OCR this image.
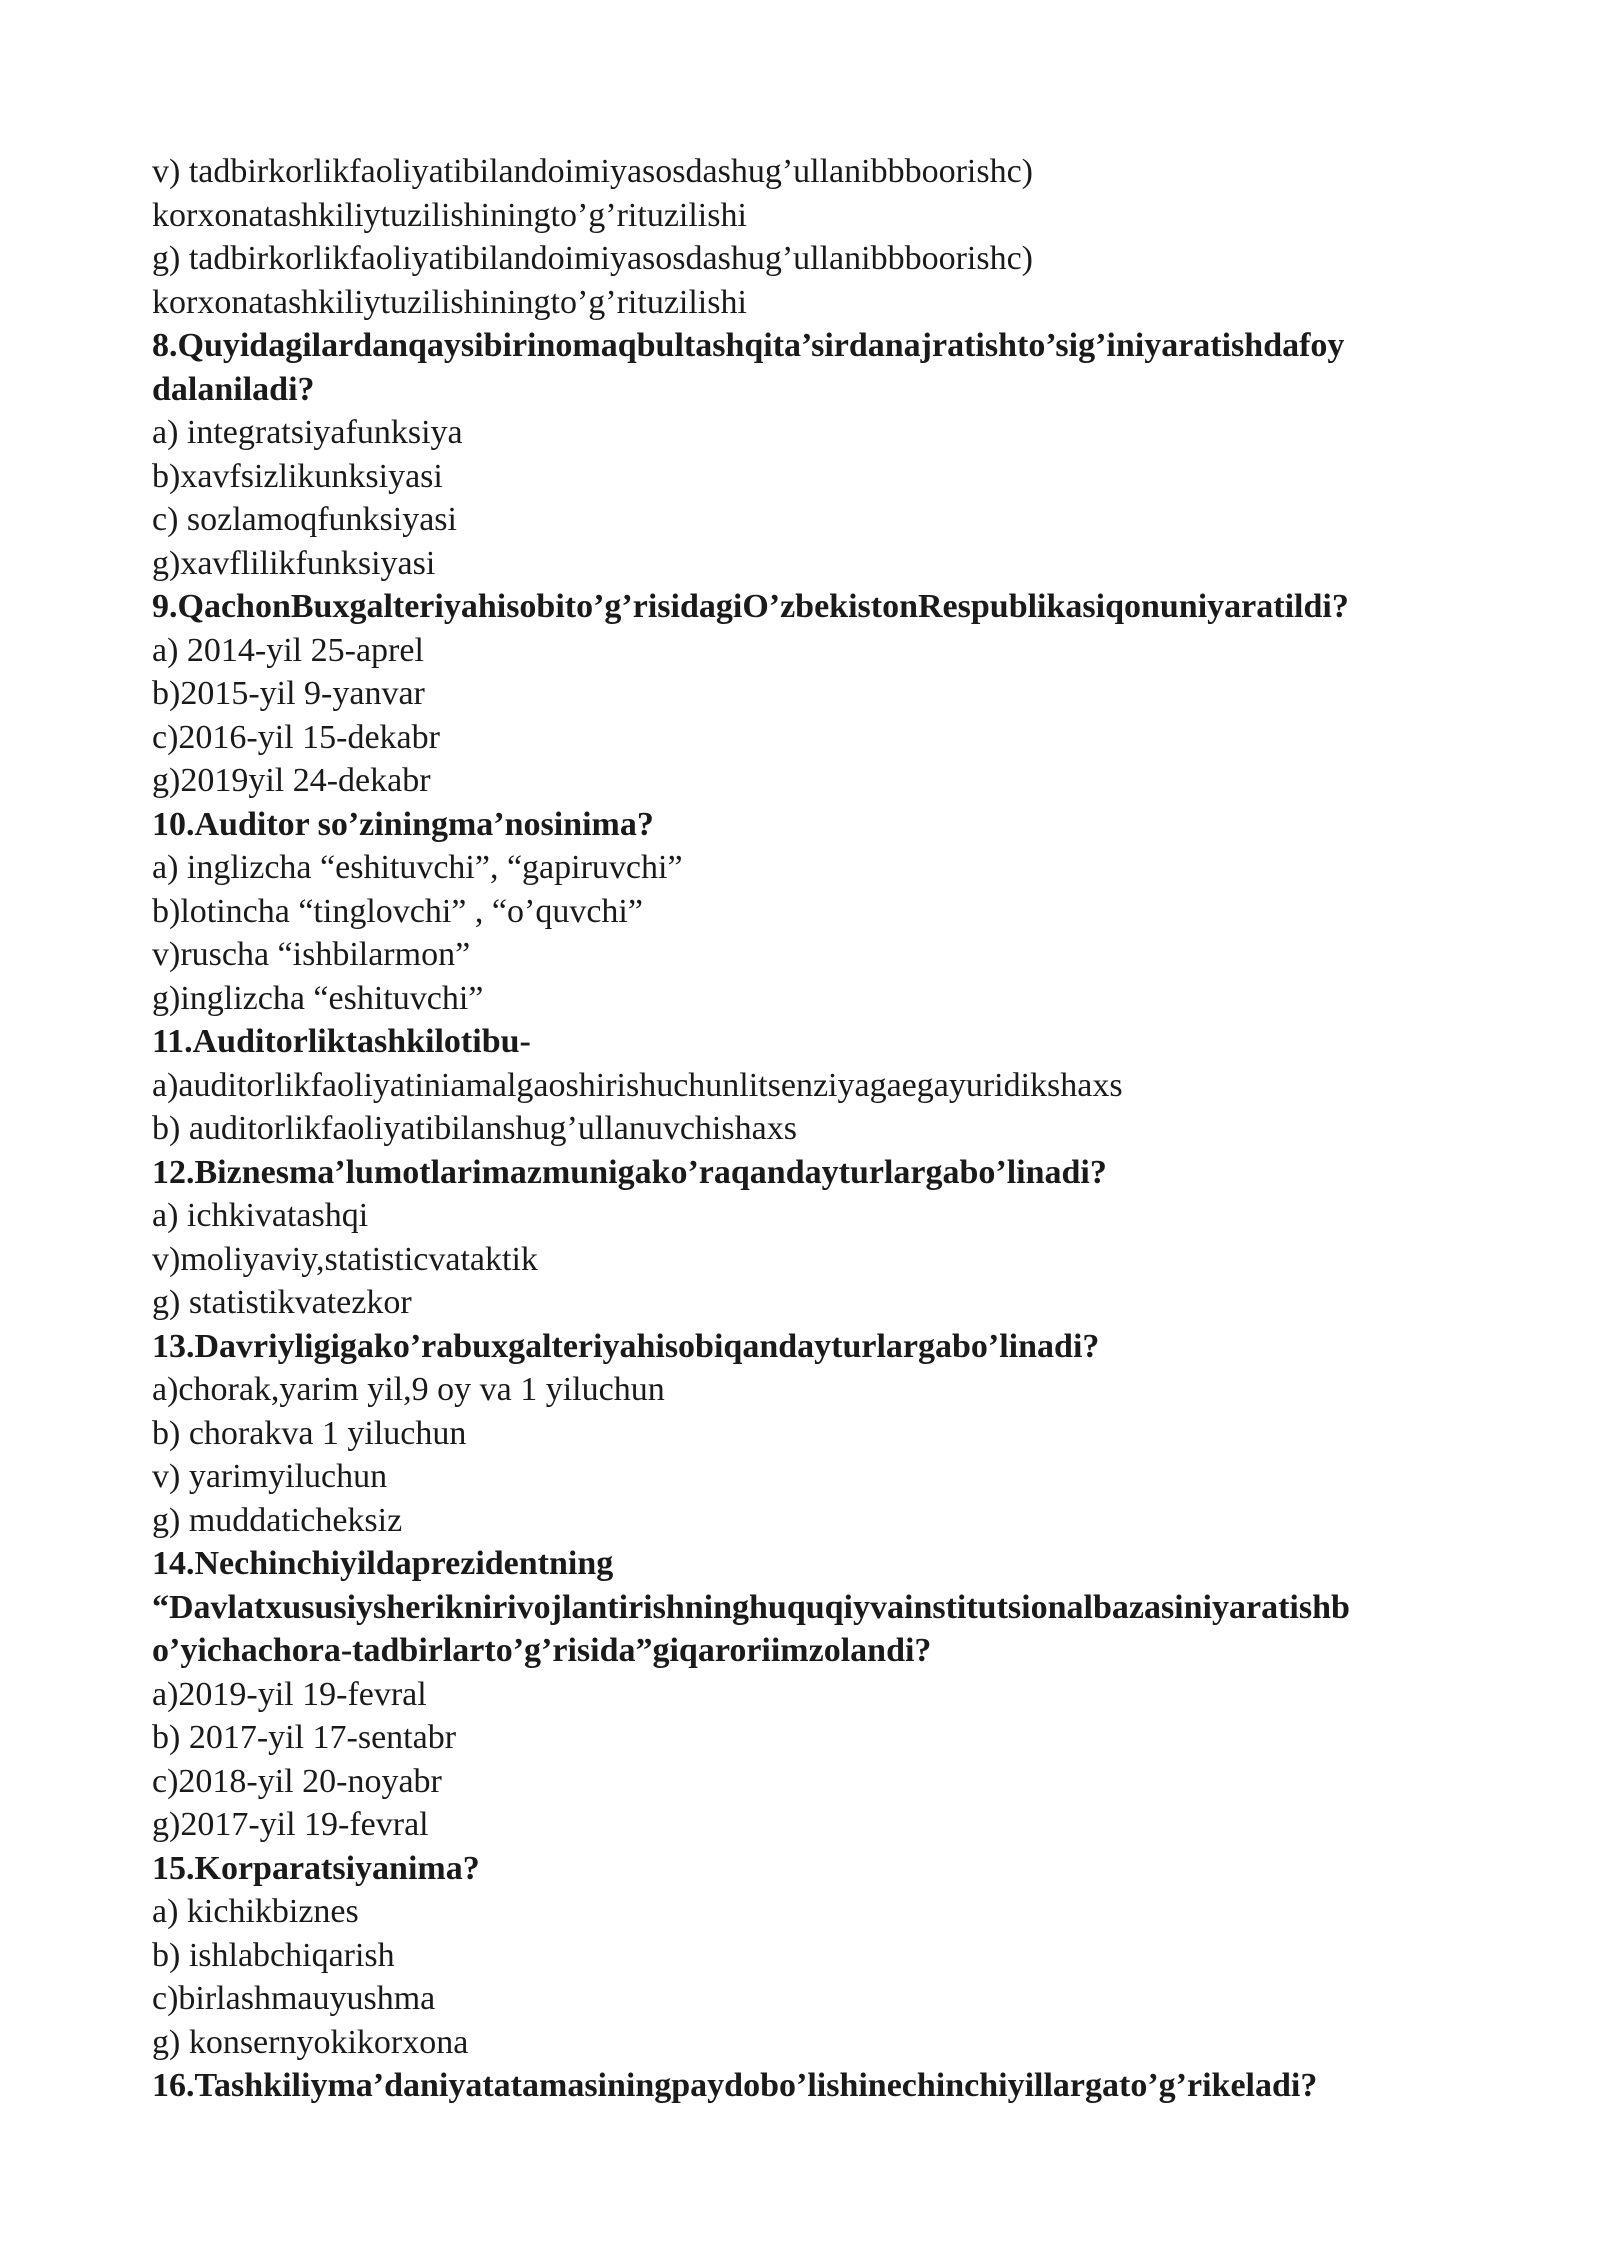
v) tadbirkorlikfaoliyatibilandoimiyasosdashug’ullanibbboorishc)
korxonatashkiliytuzilishiningto’g’rituzilishi
g) tadbirkorlikfaoliyatibilandoimiyasosdashug’ullanibbboorishc)
korxonatashkiliytuzilishiningto’g’rituzilishi
8.Quyidagilardanqaysibirinomaqbultashqita’sirdanajratishto’sig’iniyaratishdafoy
dalaniladi?
a) integratsiyafunksiya
b)xavfsizlikunksiyasi
c) sozlamoqfunksiyasi
g)xavflilikfunksiyasi
9.QachonBuxgalteriyahisobito’g’risidagiO’zbekistonRespublikasiqonuniyaratildi?
a) 2014-yil 25-aprel
b)2015-yil 9-yanvar
c)2016-yil 15-dekabr
g)2019yil 24-dekabr
10.Auditor so’ziningma’nosinima?
a) inglizcha “eshituvchi”, “gapiruvchi”
b)lotincha “tinglovchi” , “o’quvchi”
v)ruscha “ishbilarmon”
g)inglizcha “eshituvchi”
11.Auditorliktashkilotibu-
a)auditorlikfaoliyatiniamalgaoshirishuchunlitsenziyagaegayuridikshaxs
b) auditorlikfaoliyatibilanshug’ullanuvchishaxs
12.Biznesma’lumotlarimazmunigako’raqandayturlargabo’linadi?
a) ichkivatashqi
v)moliyaviy,statisticvataktik
g) statistikvatezkor
13.Davriyligigako’rabuxgalteriyahisobiqandayturlargabo’linadi?
a)chorak,yarim yil,9 oy va 1 yiluchun
b) chorakva 1 yiluchun
v) yarimyiluchun
g) muddaticheksiz
14.Nechinchiyildaprezidentning
“Davlatxususiysheriknirivojlantirishninghuquqiyvainstitutsionalbazasiniyaratishb
o’yichachora-tadbirlarto’g’risida”giqaroriimzolandi?
a)2019-yil 19-fevral
b) 2017-yil 17-sentabr
c)2018-yil 20-noyabr
g)2017-yil 19-fevral
15.Korparatsiyanima?
a) kichikbiznes
b) ishlabchiqarish
c)birlashmauyushma
g) konsernyokikorxona
16.Tashkiliyma’daniyatatamasiningpaydobo’lishinechinchiyillargato’g’rikeladi?
